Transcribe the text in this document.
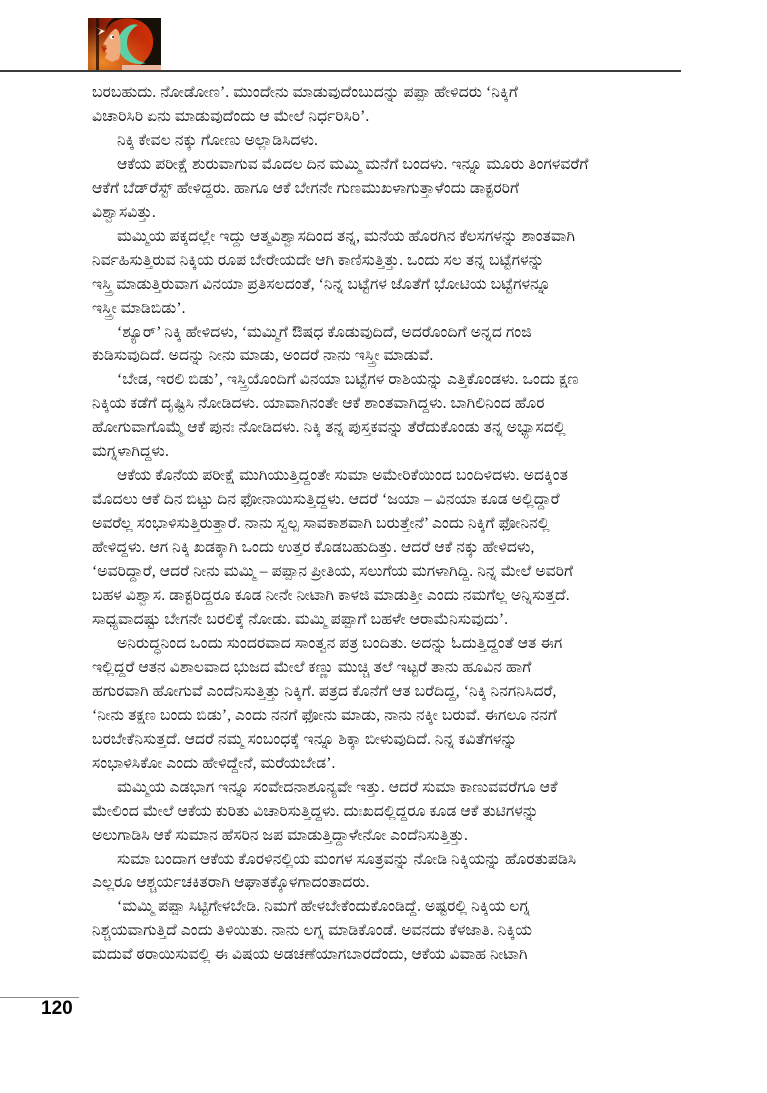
ಬರಬಹುದು. ನೋಡೋಣ’. ಮುಂದೇನು ಮಾಡುವುದೆಂಬುದನ್ನು ಪಪ್ಪಾ ಹೇಳಿದರು ‘ನಿಕ್ಕಿಗೆ
ವಿಚಾರಿಸಿರಿ ಏನು ಮಾಡುವುದೆಂದು ಆ ಮೇಲೆ ನಿರ್ಧರಿಸಿರಿ’.
ನಿಕ್ಕಿ ಕೇವಲ ನಕ್ಕು ಗೋಣು ಅಲ್ಲಾಡಿಸಿದಳು.
ಆಕೆಯ ಪರೀಕ್ಷೆ ಶುರುವಾಗುವ ಮೊದಲ ದಿನ ಮಮ್ಮಿ ಮನೆಗೆ ಬಂದಳು. ಇನ್ನೂ ಮೂರು ತಿಂಗಳವರೆಗೆ
ಆಕೆಗೆ ಬೆಡ್‌ರೆಸ್ಟ್ ಹೇಳಿದ್ದರು. ಹಾಗೂ ಆಕೆ ಬೇಗನೇ ಗುಣಮುಖಳಾಗುತ್ತಾಳೆಂದು ಡಾಕ್ಟರರಿಗೆ
ವಿಶ್ವಾಸವಿತ್ತು.
ಮಮ್ಮಿಯ ಪಕ್ಕದಲ್ಲೇ ಇದ್ದು ಆತ್ಮವಿಶ್ವಾಸದಿಂದ ತನ್ನ, ಮನೆಯ ಹೊರಗಿನ ಕೆಲಸಗಳನ್ನು ಶಾಂತವಾಗಿ
ನಿರ್ವಹಿಸುತ್ತಿರುವ ನಿಕ್ಕಿಯ ರೂಪ ಬೇರೇಯದೇ ಆಗಿ ಕಾಣಿಸುತ್ತಿತ್ತು. ಒಂದು ಸಲ ತನ್ನ ಬಟ್ಟೆಗಳನ್ನು
ಇಸ್ತ್ರಿ ಮಾಡುತ್ತಿರುವಾಗ ವಿನಯಾ ಪ್ರತಿಸಲದಂತೆ, ‘ನಿನ್ನ ಬಟ್ಟೆಗಳ ಜೊತೆಗೆ ಭೋಟಿಯ ಬಟ್ಟೆಗಳನ್ನೂ
ಇಸ್ತ್ರೀ ಮಾಡಿಬಿಡು’.
‘ಶ್ಯೂರ್’ ನಿಕ್ಕಿ ಹೇಳಿದಳು, ‘ಮಮ್ಮಿಗೆ ಔಷಧ ಕೊಡುವುದಿದೆ, ಅದರೊಂದಿಗೆ ಅನ್ನದ ಗಂಜಿ
ಕುಡಿಸುವುದಿದೆ. ಅದನ್ನು ನೀನು ಮಾಡು, ಅಂದರೆ ನಾನು ಇಸ್ತ್ರೀ ಮಾಡುವೆ.
‘ಬೇಡ, ಇರಲಿ ಬಿಡು’, ಇಸ್ತ್ರಿಯೊಂದಿಗೆ ವಿನಯಾ ಬಟ್ಟೆಗಳ ರಾಶಿಯನ್ನು ಎತ್ತಿಕೊಂಡಳು. ಒಂದು ಕ್ಷಣ
ನಿಕ್ಕಿಯ ಕಡೆಗೆ ದೃಷ್ಟಿಸಿ ನೋಡಿದಳು. ಯಾವಾಗಿನಂತೇ ಆಕೆ ಶಾಂತವಾಗಿದ್ದಳು. ಬಾಗಿಲಿನಿಂದ ಹೊರ
ಹೋಗುವಾಗೊಮ್ಮೆ ಆಕೆ ಪುನಃ ನೋಡಿದಳು. ನಿಕ್ಕಿ ತನ್ನ ಪುಸ್ತಕವನ್ನು ತೆರೆದುಕೊಂಡು ತನ್ನ ಅಭ್ಯಾಸದಲ್ಲಿ
ಮಗ್ನಳಾಗಿದ್ದಳು.
ಆಕೆಯ ಕೊನೆಯ ಪರೀಕ್ಷೆ ಮುಗಿಯುತ್ತಿದ್ದಂತೇ ಸುಮಾ ಅಮೇರಿಕೆಯಿಂದ ಬಂದಿಳಿದಳು. ಅದಕ್ಕಿಂತ
ಮೊದಲು ಆಕೆ ದಿನ ಬಿಟ್ಟು ದಿನ ಫೋನಾಯಿಸುತ್ತಿದ್ದಳು. ಆದರೆ ‘ಜಯಾ – ವಿನಯಾ ಕೂಡ ಅಲ್ಲಿದ್ದಾರೆ
ಅವರೆಲ್ಲ ಸಂಭಾಳಿಸುತ್ತಿರುತ್ತಾರೆ. ನಾನು ಸ್ವಲ್ಪ ಸಾವಕಾಶವಾಗಿ ಬರುತ್ತೇನೆ’ ಎಂದು ನಿಕ್ಕಿಗೆ ಫೋನಿನಲ್ಲಿ
ಹೇಳಿದ್ದಳು. ಆಗ ನಿಕ್ಕಿ ಖಡಕ್ಕಾಗಿ ಒಂದು ಉತ್ತರ ಕೊಡಬಹುದಿತ್ತು. ಆದರೆ ಆಕೆ ನಕ್ಕು ಹೇಳಿದಳು,
‘ಅವರಿದ್ದಾರೆ, ಆದರೆ ನೀನು ಮಮ್ಮಿ – ಪಪ್ಪಾನ ಪ್ರೀತಿಯ, ಸಲುಗೆಯ ಮಗಳಾಗಿದ್ದಿ. ನಿನ್ನ ಮೇಲೆ ಅವರಿಗೆ
ಬಹಳ ವಿಶ್ವಾಸ. ಡಾಕ್ಟರಿದ್ದರೂ ಕೂಡ ನೀನೇ ನೀಟಾಗಿ ಕಾಳಜಿ ಮಾಡುತ್ತೀ ಎಂದು ನಮಗೆಲ್ಲ ಅನ್ನಿಸುತ್ತದೆ.
ಸಾಧ್ಯವಾದಷ್ಟು ಬೇಗನೇ ಬರಲಿಕ್ಕೆ ನೋಡು. ಮಮ್ಮಿ ಪಪ್ಪಾಗೆ ಬಹಳೇ ಆರಾಮೆನಿಸುವುದು’.
ಅನಿರುದ್ಧನಿಂದ ಒಂದು ಸುಂದರವಾದ ಸಾಂತ್ವನ ಪತ್ರ ಬಂದಿತು. ಅದನ್ನು ಓದುತ್ತಿದ್ದಂತೆ ಆತ ಈಗ
ಇಲ್ಲಿದ್ದರೆ ಆತನ ವಿಶಾಲವಾದ ಭುಜದ ಮೇಲೆ ಕಣ್ಣು ಮುಚ್ಚಿ ತಲೆ ಇಟ್ಟರೆ ತಾನು ಹೂವಿನ ಹಾಗೆ
ಹಗುರವಾಗಿ ಹೋಗುವೆ ಎಂದೆನಿಸುತ್ತಿತ್ತು ನಿಕ್ಕಿಗೆ. ಪತ್ರದ ಕೊನೆಗೆ ಆತ ಬರೆದಿದ್ದ, ‘ನಿಕ್ಕಿ ನಿನಗನಿಸಿದರೆ,
‘ನೀನು ತಕ್ಷಣ ಬಂದು ಬಿಡು’, ಎಂದು ನನಗೆ ಫೋನು ಮಾಡು, ನಾನು ನಕ್ಕೀ ಬರುವೆ. ಈಗಲೂ ನನಗೆ
ಬರಬೇಕೆನಿಸುತ್ತದೆ. ಆದರೆ ನಮ್ಮ ಸಂಬಂಧಕ್ಕೆ ಇನ್ನೂ ಶಿಕ್ಕಾ ಬೀಳುವುದಿದೆ. ನಿನ್ನ ಕವಿತೆಗಳನ್ನು
ಸಂಭಾಳಿಸಿಕೋ ಎಂದು ಹೇಳಿದ್ದೇನೆ, ಮರೆಯಬೇಡ’.
ಮಮ್ಮಿಯ ಎಡಭಾಗ ಇನ್ನೂ ಸಂವೇದನಾಶೂನ್ಯವೇ ಇತ್ತು. ಆದರೆ ಸುಮಾ ಕಾಣುವವರೆಗೂ ಆಕೆ
ಮೇಲಿಂದ ಮೇಲೆ ಆಕೆಯ ಕುರಿತು ವಿಚಾರಿಸುತ್ತಿದ್ದಳು. ದುಃಖದಲ್ಲಿದ್ದರೂ ಕೂಡ ಆಕೆ ತುಟಿಗಳನ್ನು
ಅಲುಗಾಡಿಸಿ ಆಕೆ ಸುಮಾನ ಹೆಸರಿನ ಜಪ ಮಾಡುತ್ತಿದ್ದಾಳೇನೋ ಎಂದೆನಿಸುತ್ತಿತ್ತು.
ಸುಮಾ ಬಂದಾಗ ಆಕೆಯ ಕೊರಳಿನಲ್ಲಿಯ ಮಂಗಳ ಸೂತ್ರವನ್ನು ನೋಡಿ ನಿಕ್ಕಿಯನ್ನು ಹೊರತುಪಡಿಸಿ
ಎಲ್ಲರೂ ಆಶ್ಚರ್ಯಚಕಿತರಾಗಿ ಆಘಾತಕ್ಕೊಳಗಾದಂತಾದರು.
‘ಮಮ್ಮಿ ಪಪ್ಪಾ ಸಿಟ್ಟಿಗೇಳಬೇಡಿ. ನಿಮಗೆ ಹೇಳಬೇಕೆಂದುಕೊಂಡಿದ್ದೆ. ಅಷ್ಟರಲ್ಲಿ ನಿಕ್ಕಿಯ ಲಗ್ನ
ನಿಶ್ಚಯವಾಗುತ್ತಿದೆ ಎಂದು ತಿಳಿಯಿತು. ನಾನು ಲಗ್ನ ಮಾಡಿಕೊಂಡೆ. ಅವನದು ಕೆಳಜಾತಿ. ನಿಕ್ಕಿಯ
ಮದುವೆ ಠರಾಯಿಸುವಲ್ಲಿ ಈ ವಿಷಯ ಅಡಚಣೆಯಾಗಬಾರದೆಂದು, ಆಕೆಯ ವಿವಾಹ ನೀಟಾಗಿ
120
